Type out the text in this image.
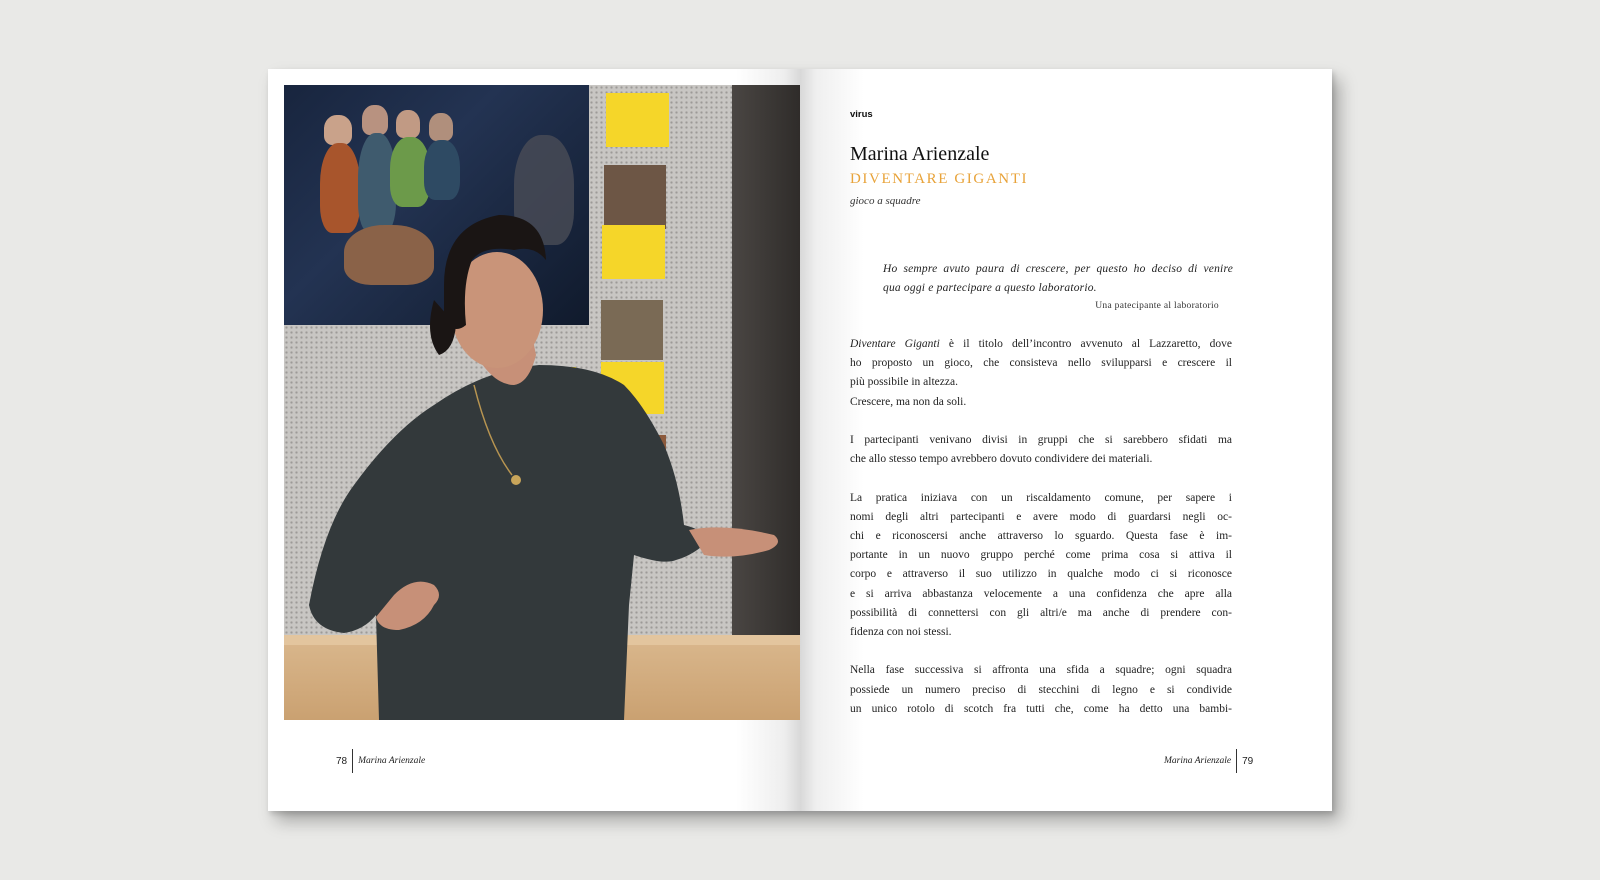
78 Marina Arienzale
virus
Marina Arienzale
DIVENTARE GIGANTI
gioco a squadre
Ho sempre avuto paura di crescere, per questo ho deciso di venire
qua oggi e partecipare a questo laboratorio.
Una patecipante al laboratorio

Diventare Giganti è il titolo dell’incontro avvenuto al Lazzaretto, dove
ho proposto un gioco, che consisteva nello svilupparsi e crescere il
più possibile in altezza.
Crescere, ma non da soli.

I partecipanti venivano divisi in gruppi che si sarebbero sfidati ma
che allo stesso tempo avrebbero dovuto condividere dei materiali.

La pratica iniziava con un riscaldamento comune, per sapere i
nomi degli altri partecipanti e avere modo di guardarsi negli oc-
chi e riconoscersi anche attraverso lo sguardo. Questa fase è im-
portante in un nuovo gruppo perché come prima cosa si attiva il
corpo e attraverso il suo utilizzo in qualche modo ci si riconosce
e si arriva abbastanza velocemente a una confidenza che apre alla
possibilità di connettersi con gli altri/e ma anche di prendere con-
fidenza con noi stessi.

Nella fase successiva si affronta una sfida a squadre; ogni squadra
possiede un numero preciso di stecchini di legno e si condivide
un unico rotolo di scotch fra tutti che, come ha detto una bambi-

Marina Arienzale 79
